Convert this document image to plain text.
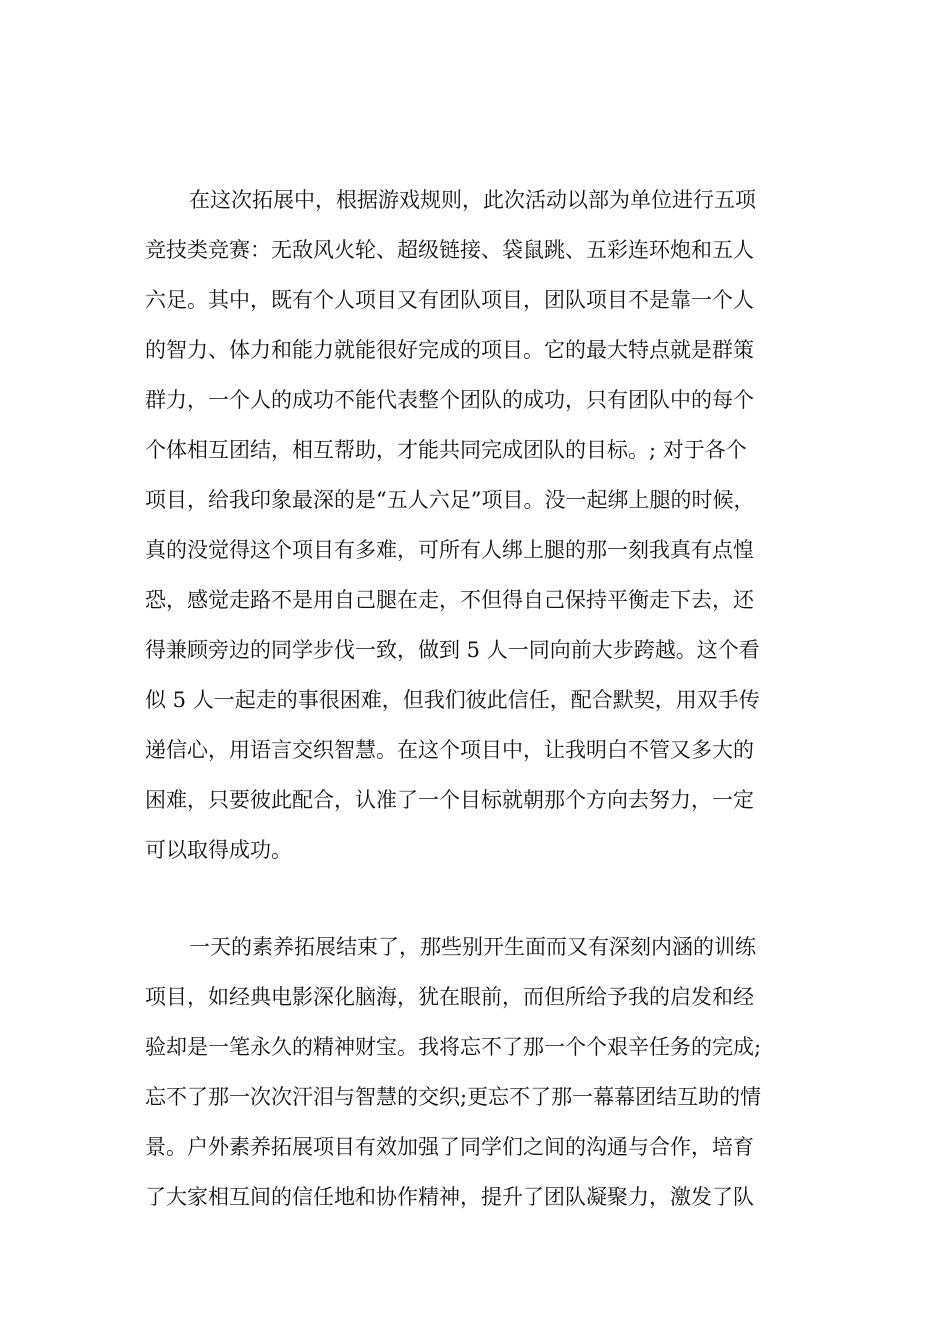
在这次拓展中，根据游戏规则，此次活动以部为单位进行五项
竞技类竞赛：无敌风火轮、超级链接、袋鼠跳、五彩连环炮和五人
六足。其中，既有个人项目又有团队项目，团队项目不是靠一个人
的智力、体力和能力就能很好完成的项目。它的最大特点就是群策
群力，一个人的成功不能代表整个团队的成功，只有团队中的每个
个体相互团结，相互帮助，才能共同完成团队的目标。; 对于各个
项目，给我印象最深的是“五人六足”项目。没一起绑上腿的时候，
真的没觉得这个项目有多难，可所有人绑上腿的那一刻我真有点惶
恐，感觉走路不是用自己腿在走，不但得自己保持平衡走下去，还
得兼顾旁边的同学步伐一致，做到 5 人一同向前大步跨越。这个看
似 5 人一起走的事很困难，但我们彼此信任，配合默契，用双手传
递信心，用语言交织智慧。在这个项目中，让我明白不管又多大的
困难，只要彼此配合，认准了一个目标就朝那个方向去努力，一定
可以取得成功。
一天的素养拓展结束了，那些别开生面而又有深刻内涵的训练
项目，如经典电影深化脑海，犹在眼前，而但所给予我的启发和经
验却是一笔永久的精神财宝。我将忘不了那一个个艰辛任务的完成;
忘不了那一次次汗泪与智慧的交织;更忘不了那一幕幕团结互助的情
景。户外素养拓展项目有效加强了同学们之间的沟通与合作，培育
了大家相互间的信任地和协作精神，提升了团队凝聚力，激发了队
